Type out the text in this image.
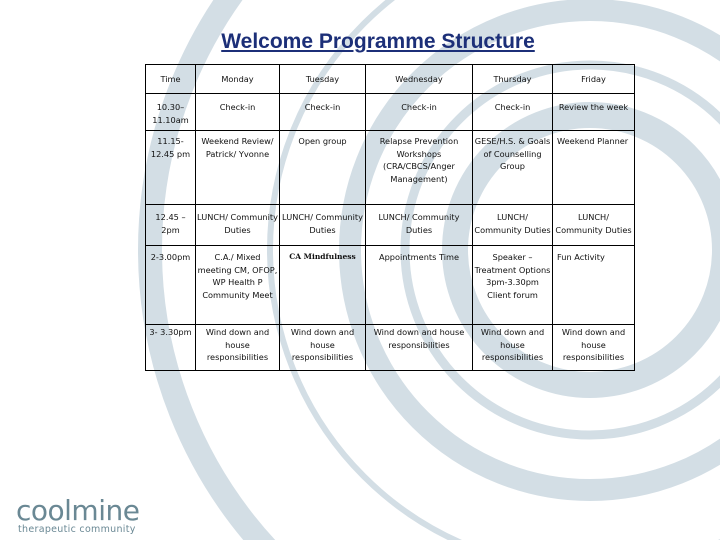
Welcome Programme Structure
Time	Monday	Tuesday	Wednesday	Thursday	Friday
10.30– 11.10am	Check-in	Check-in	Check-in	Check-in	Review the week
11.15- 12.45 pm	Weekend Review/ Patrick/ Yvonne	Open group	Relapse Prevention Workshops (CRA/CBCS/Anger Management)	GESE/H.S. & Goals of Counselling Group	Weekend Planner
12.45 – 2pm	LUNCH/ Community Duties	LUNCH/ Community Duties	LUNCH/ Community Duties	LUNCH/ Community Duties	LUNCH/ Community Duties
2-3.00pm	C.A./ Mixed meeting CM, OFOP, WP Health P Community Meet	CA Mindfulness	Appointments Time	Speaker – Treatment Options 3pm-3.30pm Client forum	Fun Activity
3- 3.30pm	Wind down and house responsibilities	Wind down and house responsibilities	Wind down and house responsibilities	Wind down and house responsibilities	Wind down and house responsibilities
coolmine
therapeutic community
